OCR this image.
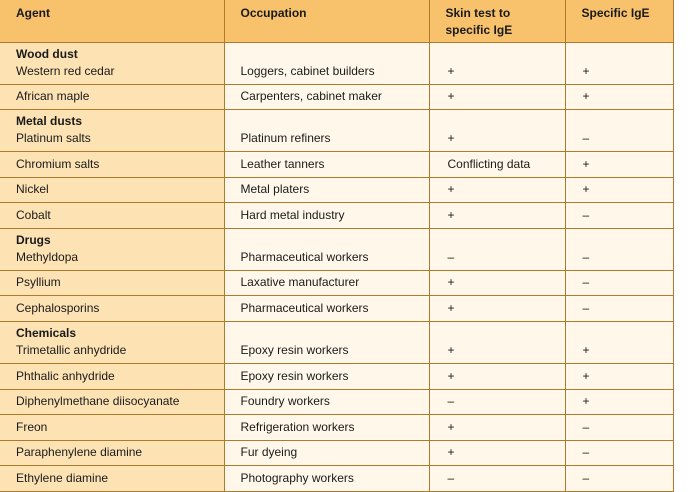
Agent	Occupation	Skin test to
specific IgE	Specific IgE

Wood dust
Western red cedar	Loggers, cabinet builders	+	+

African maple	Carpenters, cabinet maker	+	+

Metal dusts
Platinum salts	Platinum refiners	+	–

Chromium salts	Leather tanners	Conflicting data	+

Nickel	Metal platers	+	+

Cobalt	Hard metal industry	+	–

Drugs
Methyldopa	Pharmaceutical workers	–	–

Psyllium	Laxative manufacturer	+	–

Cephalosporins	Pharmaceutical workers	+	–

Chemicals
Trimetallic anhydride	Epoxy resin workers	+	+

Phthalic anhydride	Epoxy resin workers	+	+

Diphenylmethane diisocyanate	Foundry workers	–	+

Freon	Refrigeration workers	+	–

Paraphenylene diamine	Fur dyeing	+	–

Ethylene diamine	Photography workers	–	–
